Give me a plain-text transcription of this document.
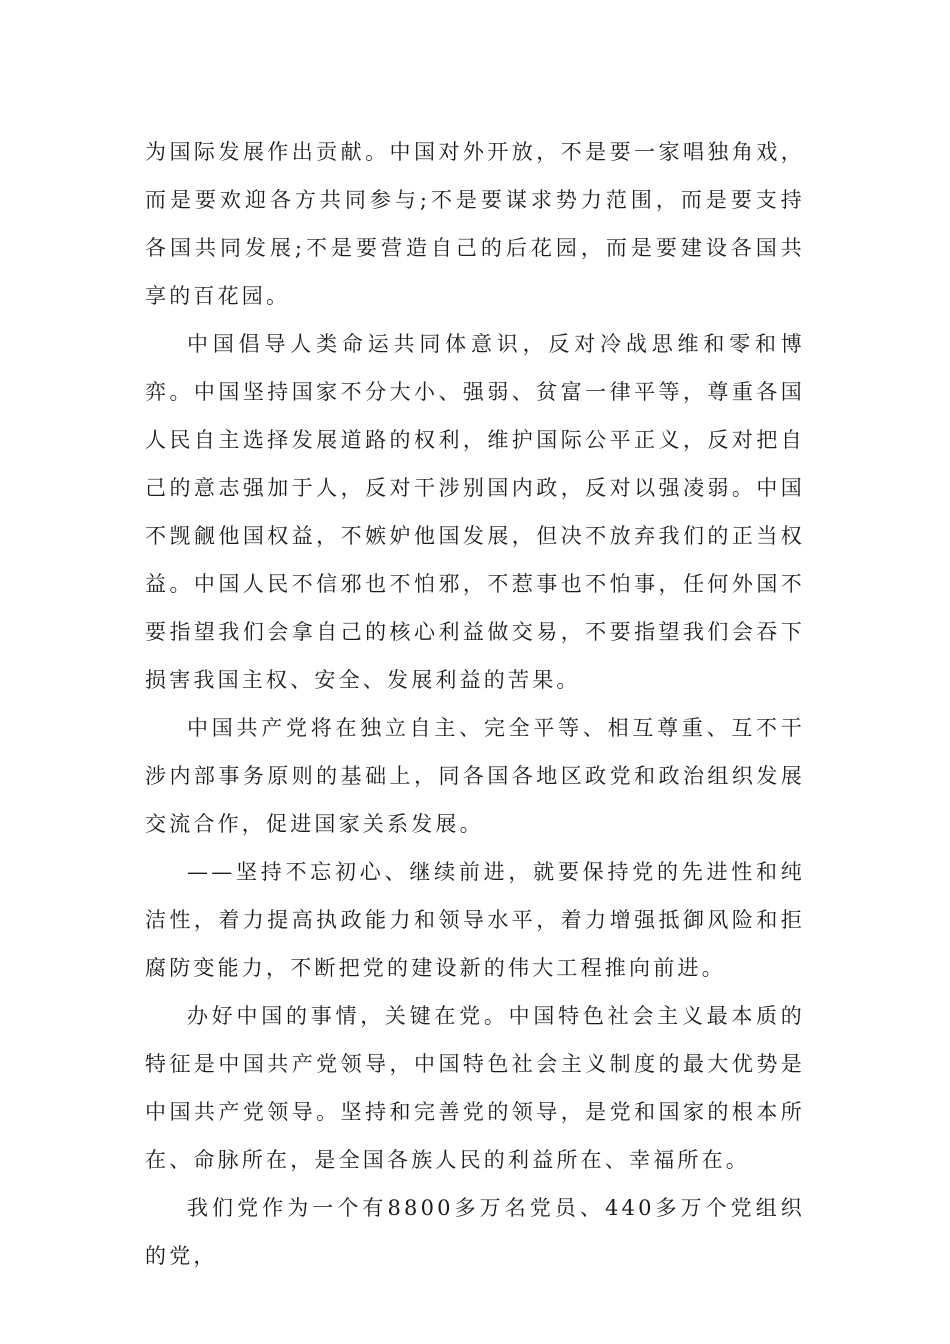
为国际发展作出贡献。中国对外开放，不是要一家唱独角戏，而是要欢迎各方共同参与;不是要谋求势力范围，而是要支持各国共同发展;不是要营造自己的后花园，而是要建设各国共享的百花园。

中国倡导人类命运共同体意识，反对冷战思维和零和博弈。中国坚持国家不分大小、强弱、贫富一律平等，尊重各国人民自主选择发展道路的权利，维护国际公平正义，反对把自己的意志强加于人，反对干涉别国内政，反对以强凌弱。中国不觊觎他国权益，不嫉妒他国发展，但决不放弃我们的正当权益。中国人民不信邪也不怕邪，不惹事也不怕事，任何外国不要指望我们会拿自己的核心利益做交易，不要指望我们会吞下损害我国主权、安全、发展利益的苦果。

中国共产党将在独立自主、完全平等、相互尊重、互不干涉内部事务原则的基础上，同各国各地区政党和政治组织发展交流合作，促进国家关系发展。

——坚持不忘初心、继续前进，就要保持党的先进性和纯洁性，着力提高执政能力和领导水平，着力增强抵御风险和拒腐防变能力，不断把党的建设新的伟大工程推向前进。

办好中国的事情，关键在党。中国特色社会主义最本质的特征是中国共产党领导，中国特色社会主义制度的最大优势是中国共产党领导。坚持和完善党的领导，是党和国家的根本所在、命脉所在，是全国各族人民的利益所在、幸福所在。

我们党作为一个有8800多万名党员、440多万个党组织的党，
